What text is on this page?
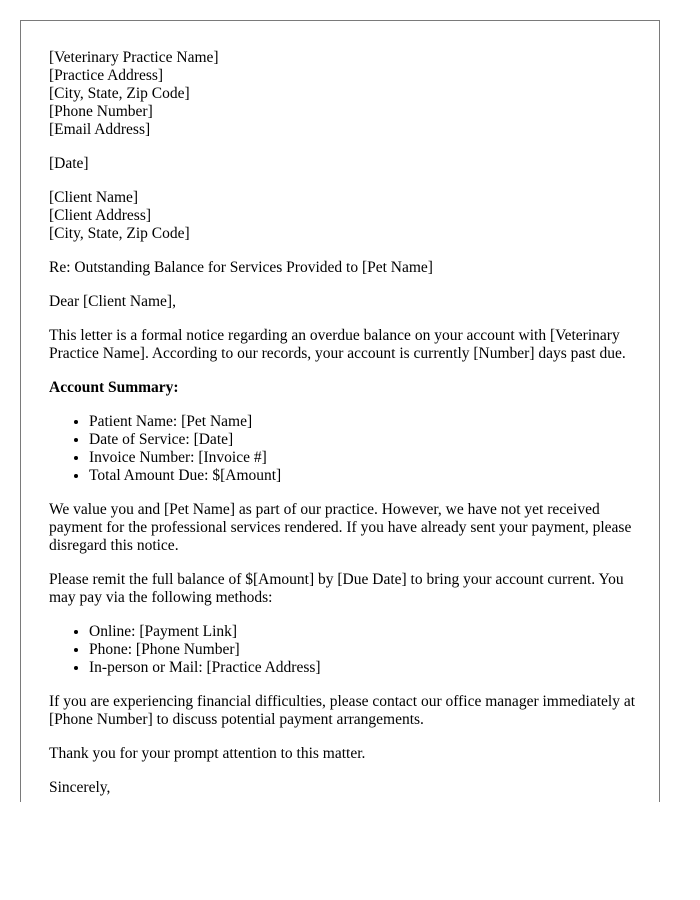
[Veterinary Practice Name]
[Practice Address]
[City, State, Zip Code]
[Phone Number]
[Email Address]
[Date]
[Client Name]
[Client Address]
[City, State, Zip Code]

Re: Outstanding Balance for Services Provided to [Pet Name]

Dear [Client Name],

This letter is a formal notice regarding an overdue balance on your account with [Veterinary Practice Name]. According to our records, your account is currently [Number] days past due.

Account Summary:

• Patient Name: [Pet Name]
• Date of Service: [Date]
• Invoice Number: [Invoice #]
• Total Amount Due: $[Amount]

We value you and [Pet Name] as part of our practice. However, we have not yet received payment for the professional services rendered. If you have already sent your payment, please disregard this notice.

Please remit the full balance of $[Amount] by [Due Date] to bring your account current. You may pay via the following methods:

• Online: [Payment Link]
• Phone: [Phone Number]
• In-person or Mail: [Practice Address]

If you are experiencing financial difficulties, please contact our office manager immediately at [Phone Number] to discuss potential payment arrangements.

Thank you for your prompt attention to this matter.

Sincerely,
